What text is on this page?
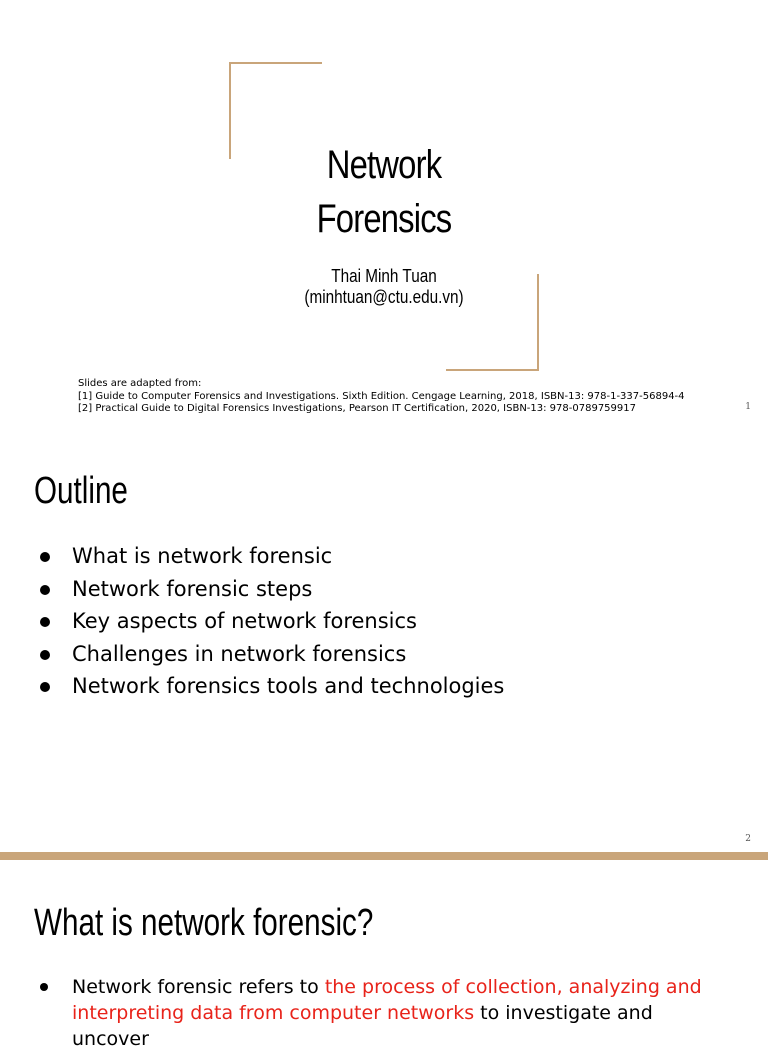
Network
Forensics
Thai Minh Tuan
(minhtuan@ctu.edu.vn)
Slides are adapted from:
[1] Guide to Computer Forensics and Investigations. Sixth Edition. Cengage Learning, 2018, ISBN-13: 978-1-337-56894-4
[2] Practical Guide to Digital Forensics Investigations, Pearson IT Certification, 2020, ISBN-13: 978-0789759917	1
Outline
What is network forensic
Network forensic steps
Key aspects of network forensics
Challenges in network forensics
Network forensics tools and technologies
2
What is network forensic?
Network forensic refers to the process of collection, analyzing and interpreting data from computer networks to investigate and uncover
